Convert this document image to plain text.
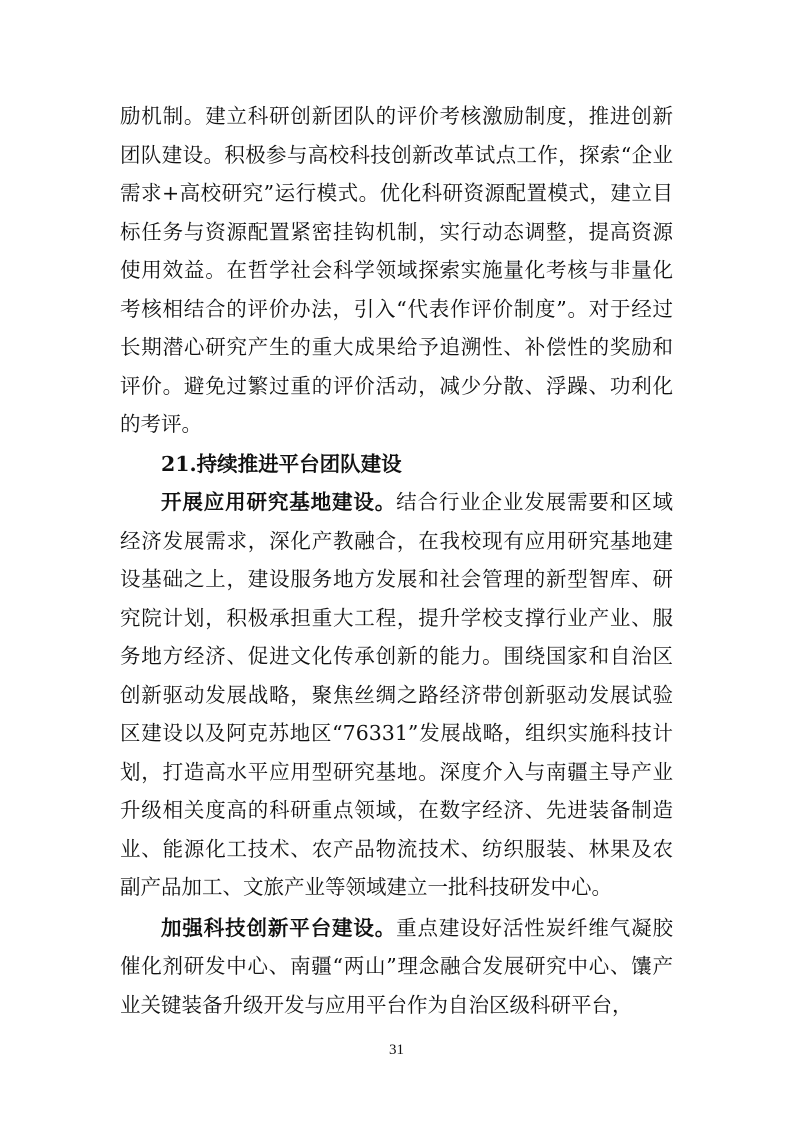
励机制。建立科研创新团队的评价考核激励制度，推进创新团队建设。积极参与高校科技创新改革试点工作，探索“企业需求+高校研究”运行模式。优化科研资源配置模式，建立目标任务与资源配置紧密挂钩机制，实行动态调整，提高资源使用效益。在哲学社会科学领域探索实施量化考核与非量化考核相结合的评价办法，引入“代表作评价制度”。对于经过长期潜心研究产生的重大成果给予追溯性、补偿性的奖励和评价。避免过繁过重的评价活动，减少分散、浮躁、功利化的考评。

21.持续推进平台团队建设

开展应用研究基地建设。结合行业企业发展需要和区域经济发展需求，深化产教融合，在我校现有应用研究基地建设基础之上，建设服务地方发展和社会管理的新型智库、研究院计划，积极承担重大工程，提升学校支撑行业产业、服务地方经济、促进文化传承创新的能力。围绕国家和自治区创新驱动发展战略，聚焦丝绸之路经济带创新驱动发展试验区建设以及阿克苏地区“76331”发展战略，组织实施科技计划，打造高水平应用型研究基地。深度介入与南疆主导产业升级相关度高的科研重点领域，在数字经济、先进装备制造业、能源化工技术、农产品物流技术、纺织服装、林果及农副产品加工、文旅产业等领域建立一批科技研发中心。

加强科技创新平台建设。重点建设好活性炭纤维气凝胶催化剂研发中心、南疆“两山”理念融合发展研究中心、馕产业关键装备升级开发与应用平台作为自治区级科研平台，

31
